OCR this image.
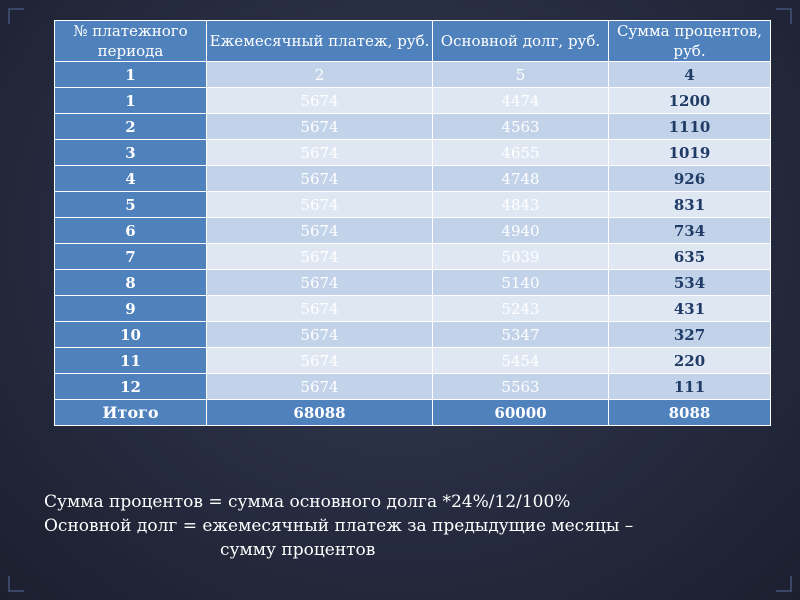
№ платежного периода	Ежемесячный платеж, руб.	Основной долг, руб.	Сумма процентов, руб.
1	2	5	4
1	5674	4474	1200
2	5674	4563	1110
3	5674	4655	1019
4	5674	4748	926
5	5674	4843	831
6	5674	4940	734
7	5674	5039	635
8	5674	5140	534
9	5674	5243	431
10	5674	5347	327
11	5674	5454	220
12	5674	5563	111
Итого	68088	60000	8088

Сумма процентов = сумма основного долга *24%/12/100%

Основной долг = ежемесячный платеж за предыдущие месяцы –

сумму процентов
